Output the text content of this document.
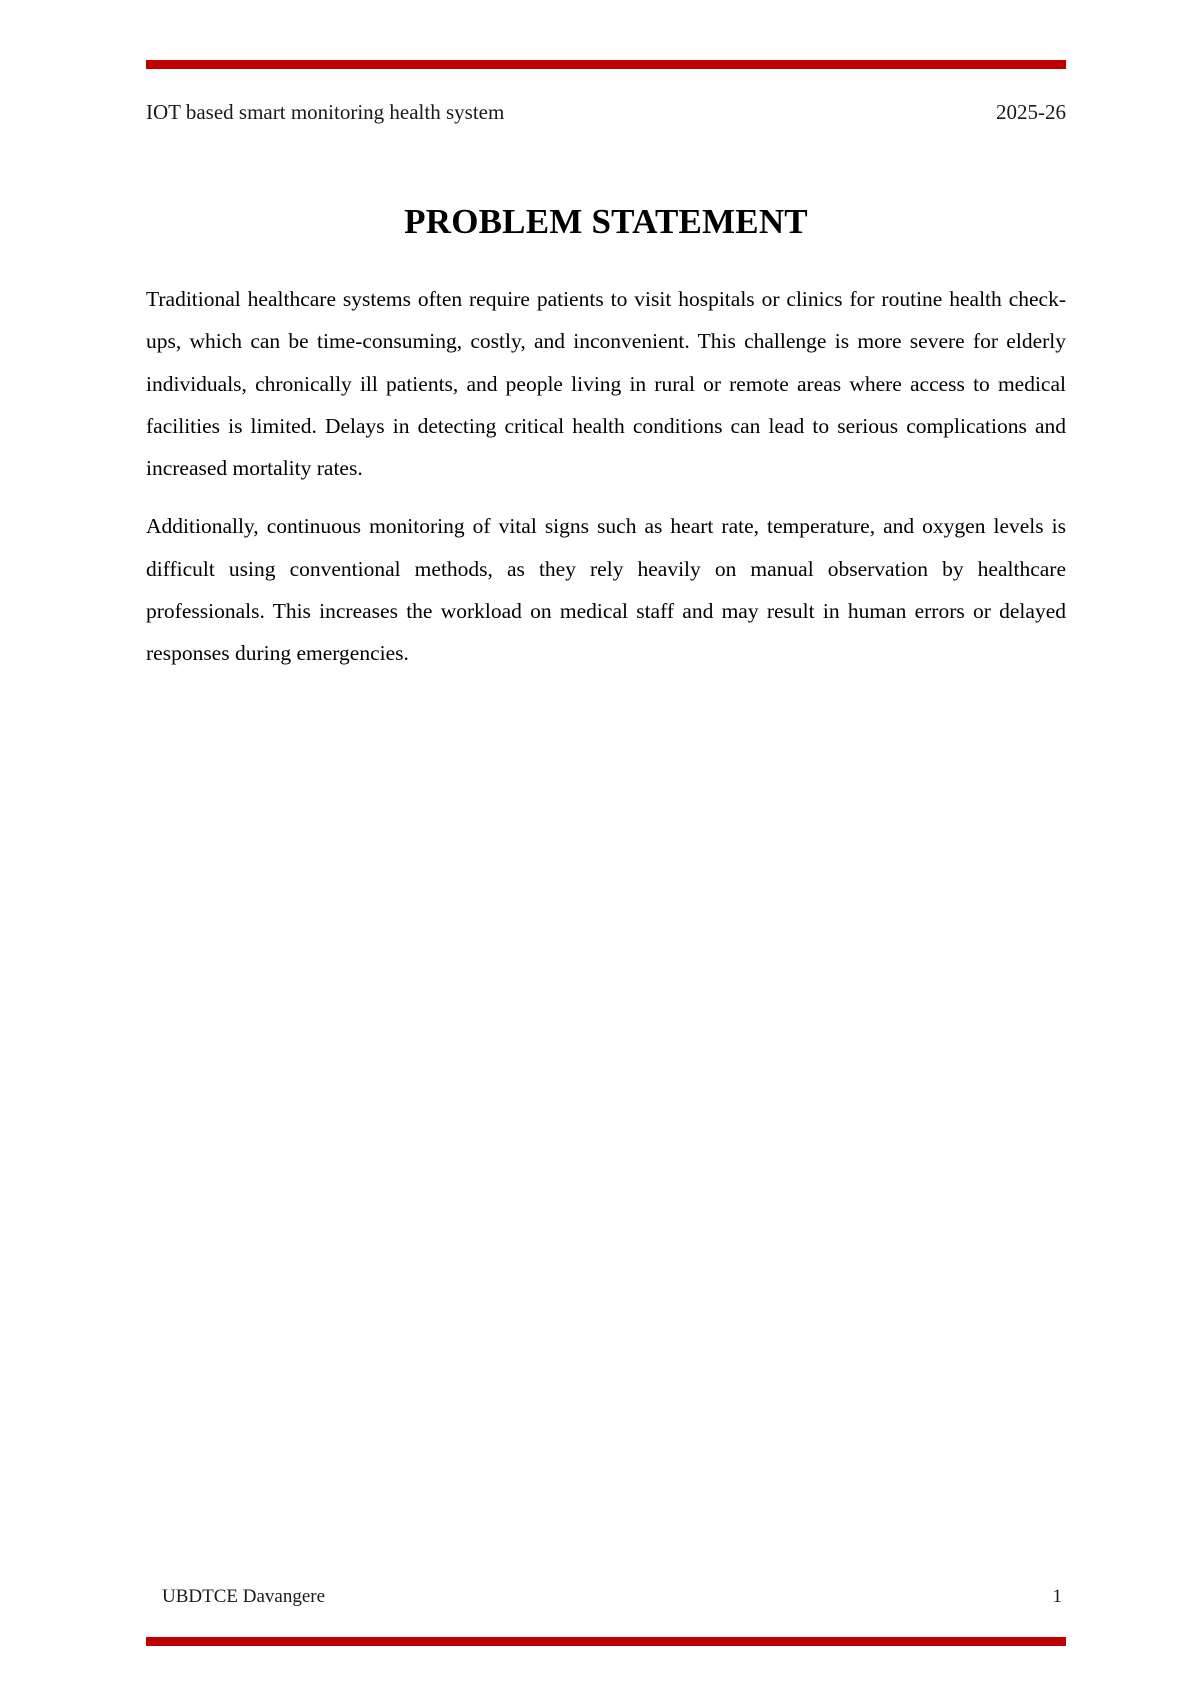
IOT based smart monitoring health system	2025-26
PROBLEM STATEMENT

Traditional healthcare systems often require patients to visit hospitals or clinics for routine health check-ups, which can be time-consuming, costly, and inconvenient. This challenge is more severe for elderly individuals, chronically ill patients, and people living in rural or remote areas where access to medical facilities is limited. Delays in detecting critical health conditions can lead to serious complications and increased mortality rates.

Additionally, continuous monitoring of vital signs such as heart rate, temperature, and oxygen levels is difficult using conventional methods, as they rely heavily on manual observation by healthcare professionals. This increases the workload on medical staff and may result in human errors or delayed responses during emergencies.

UBDTCE Davangere	1
